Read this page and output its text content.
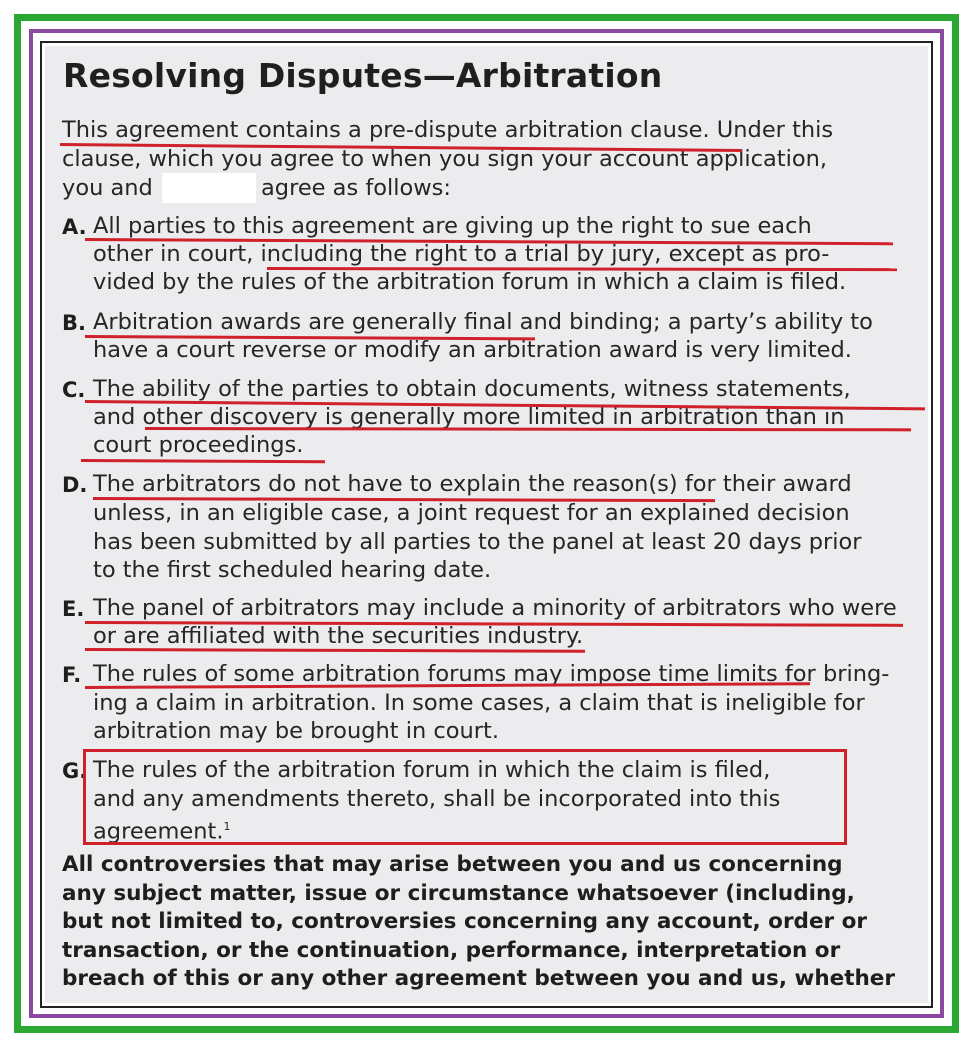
Resolving Disputes—Arbitration
This agreement contains a pre-dispute arbitration clause. Under this
clause, which you agree to when you sign your account application,
you and	agree as follows:
A. All parties to this agreement are giving up the right to sue each
other in court, including the right to a trial by jury, except as pro-
vided by the rules of the arbitration forum in which a claim is filed.
B. Arbitration awards are generally final and binding; a party’s ability to
have a court reverse or modify an arbitration award is very limited.
C. The ability of the parties to obtain documents, witness statements,
and other discovery is generally more limited in arbitration than in
court proceedings.
D. The arbitrators do not have to explain the reason(s) for their award
unless, in an eligible case, a joint request for an explained decision
has been submitted by all parties to the panel at least 20 days prior
to the first scheduled hearing date.
E. The panel of arbitrators may include a minority of arbitrators who were
or are affiliated with the securities industry.
F. The rules of some arbitration forums may impose time limits for bring-
ing a claim in arbitration. In some cases, a claim that is ineligible for
arbitration may be brought in court.
G. The rules of the arbitration forum in which the claim is filed,
and any amendments thereto, shall be incorporated into this
agreement.$^1$
All controversies that may arise between you and us concerning
any subject matter, issue or circumstance whatsoever (including,
but not limited to, controversies concerning any account, order or
transaction, or the continuation, performance, interpretation or
breach of this or any other agreement between you and us, whether
